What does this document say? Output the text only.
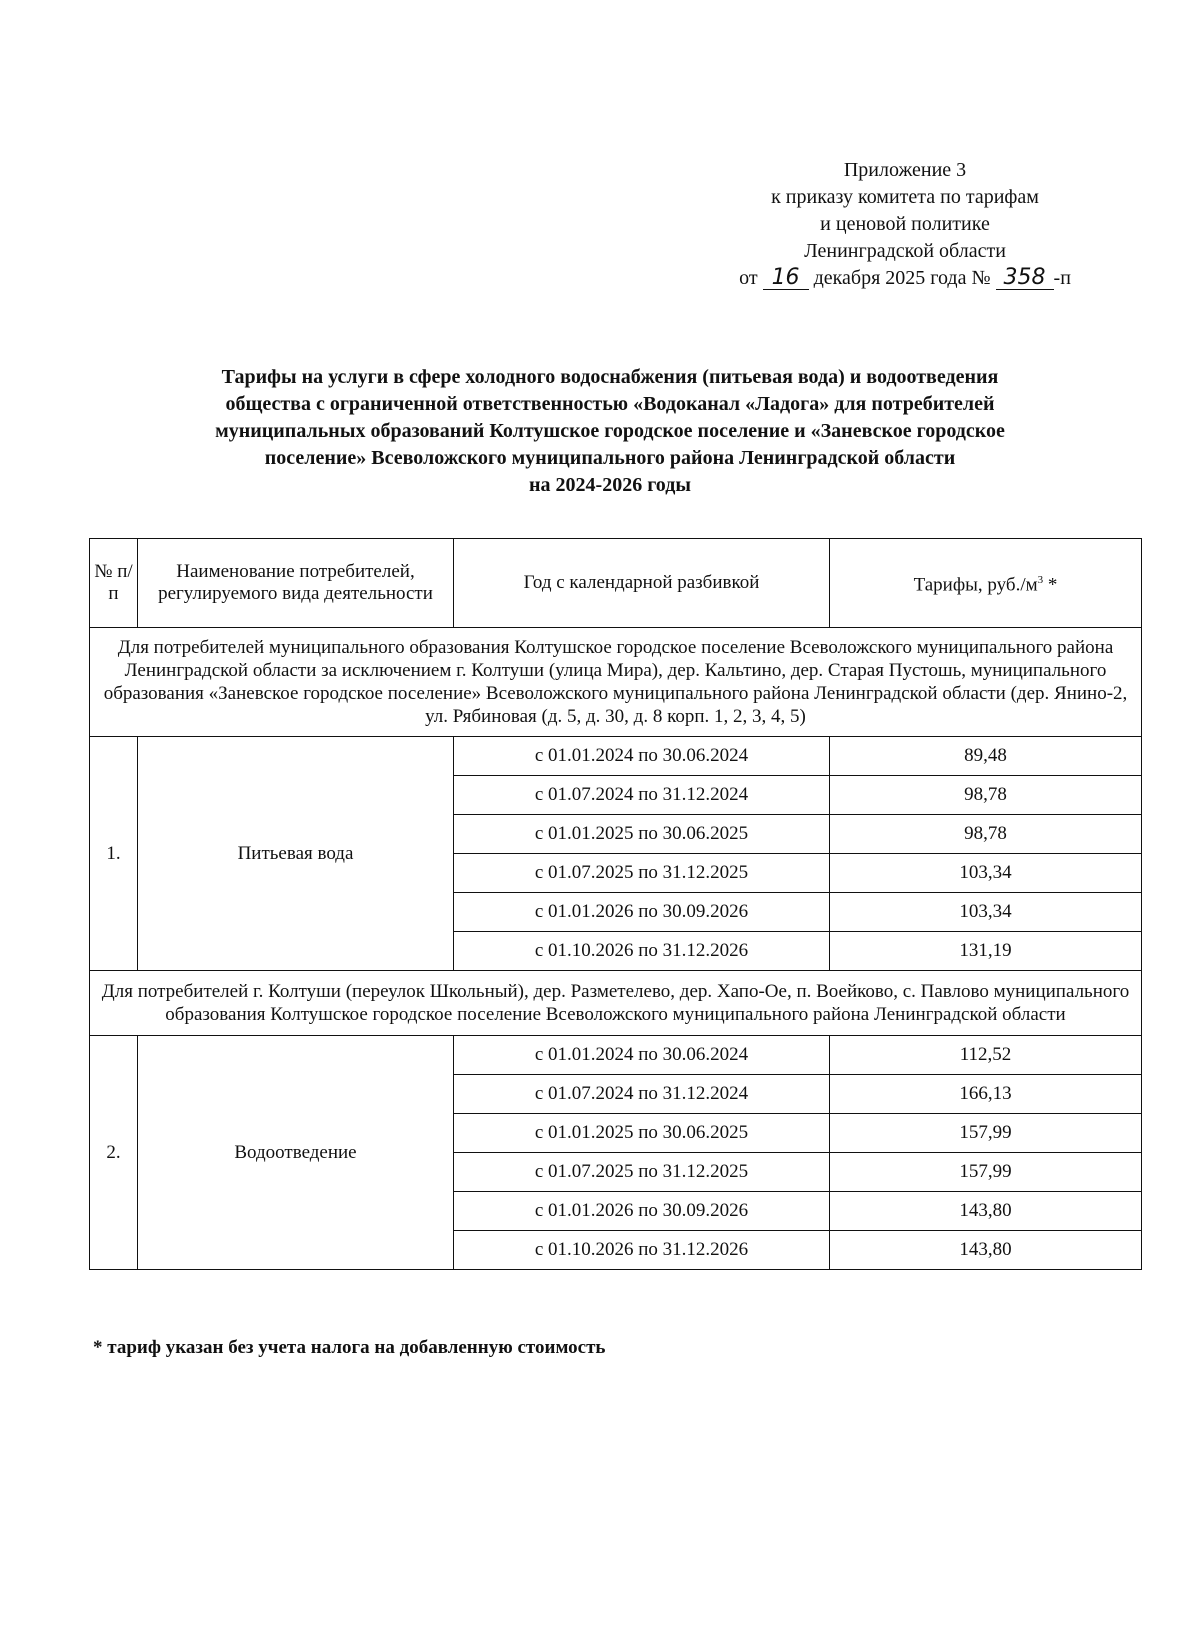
Приложение 3
к приказу комитета по тарифам
и ценовой политике
Ленинградской области
от 16 декабря 2025 года № 358 -п
Тарифы на услуги в сфере холодного водоснабжения (питьевая вода) и водоотведения
общества с ограниченной ответственностью «Водоканал «Ладога» для потребителей
муниципальных образований Колтушское городское поселение и «Заневское городское
поселение» Всеволожского муниципального района Ленинградской области
на 2024-2026 годы
№ п/п	Наименование потребителей, регулируемого вида деятельности	Год с календарной разбивкой	Тарифы, $руб./м^3$ *
Для потребителей муниципального образования Колтушское городское поселение Всеволожского муниципального района Ленинградской области за исключением г. Колтуши (улица Мира), дер. Кальтино, дер. Старая Пустошь, муниципального образования «Заневское городское поселение» Всеволожского муниципального района Ленинградской области (дер. Янино-2, ул. Рябиновая (д. 5, д. 30, д. 8 корп. 1, 2, 3, 4, 5)			
1.	Питьевая вода	с 01.01.2024 по 30.06.2024	89,48
		с 01.07.2024 по 31.12.2024	98,78
		с 01.01.2025 по 30.06.2025	98,78
		с 01.07.2025 по 31.12.2025	103,34
		с 01.01.2026 по 30.09.2026	103,34
		с 01.10.2026 по 31.12.2026	131,19
Для потребителей г. Колтуши (переулок Школьный), дер. Разметелево, дер. Хапо-Ое, п. Воейково, с. Павлово муниципального образования Колтушское городское поселение Всеволожского муниципального района Ленинградской области			
2.	Водоотведение	с 01.01.2024 по 30.06.2024	112,52
		с 01.07.2024 по 31.12.2024	166,13
		с 01.01.2025 по 30.06.2025	157,99
		с 01.07.2025 по 31.12.2025	157,99
		с 01.01.2026 по 30.09.2026	143,80
		с 01.10.2026 по 31.12.2026	143,80
* тариф указан без учета налога на добавленную стоимость
